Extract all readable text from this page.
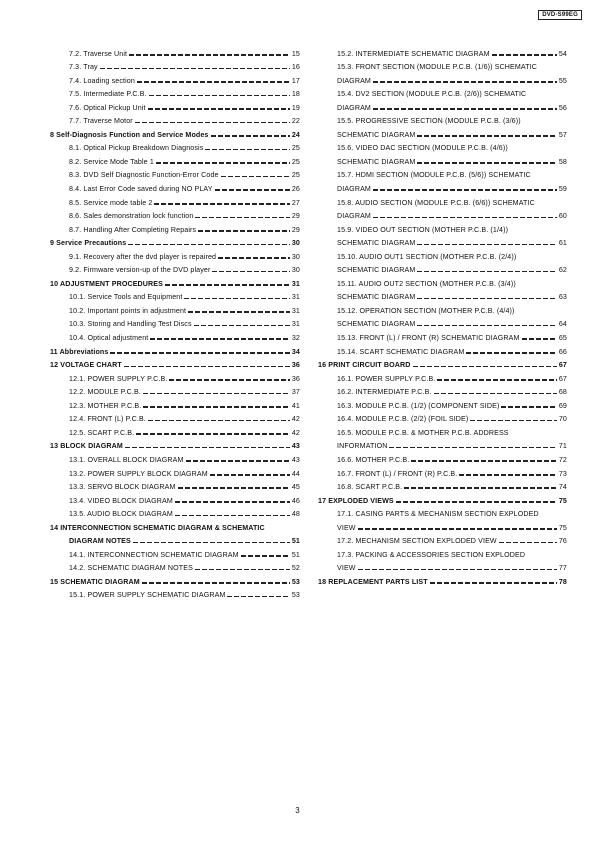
DVD-S99EG
7.2. Traverse Unit	15
7.3. Tray	16
7.4. Loading section	17
7.5. Intermediate P.C.B.	18
7.6. Optical Pickup Unit	19
7.7. Traverse Motor	22
8 Self-Diagnosis Function and Service Modes	24
8.1. Optical Pickup Breakdown Diagnosis	25
8.2. Service Mode Table 1	25
8.3. DVD Self Diagnostic Function-Error Code	25
8.4. Last Error Code saved during NO PLAY	26
8.5. Service mode table 2	27
8.6. Sales demonstration lock function	29
8.7. Handling After Completing Repairs	29
9 Service Precautions	30
9.1. Recovery after the dvd player is repaired	30
9.2. Firmware version-up of the DVD player	30
10 ADJUSTMENT PROCEDURES	31
10.1. Service Tools and Equipment	31
10.2. Important points in adjustment	31
10.3. Storing and Handling Test Discs	31
10.4. Optical adjustment	32
11 Abbreviations	34
12 VOLTAGE CHART	36
12.1. POWER SUPPLY P.C.B.	36
12.2. MODULE P.C.B.	37
12.3. MOTHER P.C.B.	41
12.4. FRONT (L) P.C.B.	42
12.5. SCART P.C.B.	42
13 BLOCK DIAGRAM	43
13.1. OVERALL BLOCK DIAGRAM	43
13.2. POWER SUPPLY BLOCK DIAGRAM	44
13.3. SERVO BLOCK DIAGRAM	45
13.4. VIDEO BLOCK DIAGRAM	46
13.5. AUDIO BLOCK DIAGRAM	48
14 INTERCONNECTION SCHEMATIC DIAGRAM & SCHEMATIC
DIAGRAM NOTES	51
14.1. INTERCONNECTION SCHEMATIC DIAGRAM	51
14.2. SCHEMATIC DIAGRAM NOTES	52
15 SCHEMATIC DIAGRAM	53
15.1. POWER SUPPLY SCHEMATIC DIAGRAM	53
15.2. INTERMEDIATE SCHEMATIC DIAGRAM	54
15.3. FRONT SECTION (MODULE P.C.B. (1/6)) SCHEMATIC
DIAGRAM	55
15.4. DV2 SECTION (MODULE P.C.B. (2/6)) SCHEMATIC
DIAGRAM	56
15.5. PROGRESSIVE SECTION (MODULE P.C.B. (3/6))
SCHEMATIC DIAGRAM	57
15.6. VIDEO DAC SECTION (MODULE P.C.B. (4/6))
SCHEMATIC DIAGRAM	58
15.7. HDMI SECTION (MODULE P.C.B. (5/6)) SCHEMATIC
DIAGRAM	59
15.8. AUDIO SECTION (MODULE P.C.B. (6/6)) SCHEMATIC
DIAGRAM	60
15.9. VIDEO OUT SECTION (MOTHER P.C.B. (1/4))
SCHEMATIC DIAGRAM	61
15.10. AUDIO OUT1 SECTION (MOTHER P.C.B. (2/4))
SCHEMATIC DIAGRAM	62
15.11. AUDIO OUT2 SECTION (MOTHER P.C.B. (3/4))
SCHEMATIC DIAGRAM	63
15.12. OPERATION SECTION (MOTHER P.C.B. (4/4))
SCHEMATIC DIAGRAM	64
15.13. FRONT (L) / FRONT (R) SCHEMATIC DIAGRAM	65
15.14. SCART SCHEMATIC DIAGRAM	66
16 PRINT CIRCUIT BOARD	67
16.1. POWER SUPPLY P.C.B.	67
16.2. INTERMEDIATE P.C.B.	68
16.3. MODULE P.C.B. (1/2) (COMPONENT SIDE)	69
16.4. MODULE P.C.B. (2/2) (FOIL SIDE)	70
16.5. MODULE P.C.B. & MOTHER P.C.B. ADDRESS
INFORMATION	71
16.6. MOTHER P.C.B.	72
16.7. FRONT (L) / FRONT (R) P.C.B.	73
16.8. SCART P.C.B.	74
17 EXPLODED VIEWS	75
17.1. CASING PARTS & MECHANISM SECTION EXPLODED
VIEW	75
17.2. MECHANISM SECTION EXPLODED VIEW	76
17.3. PACKING & ACCESSORIES SECTION EXPLODED
VIEW	77
18 REPLACEMENT PARTS LIST	78
3
